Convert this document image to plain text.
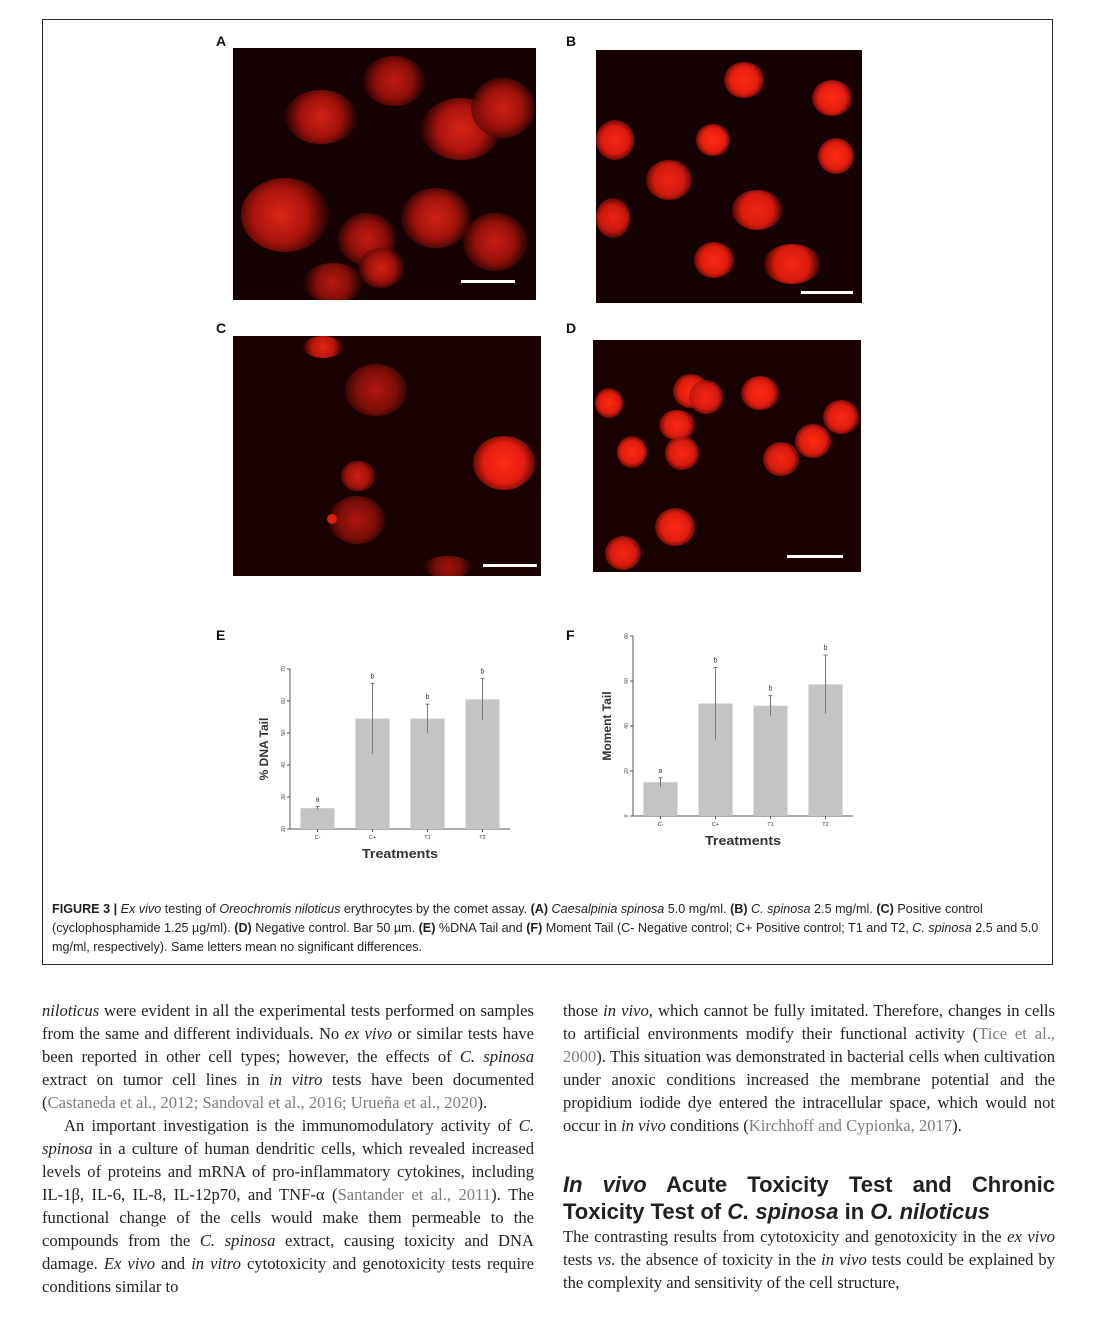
A	B
C	D
E	F
20
30
40
50
60
70
a
C-
b
C+
b
T1
b
T2
Treatments
% DNA Tail
0
20
40
60
80
a
C-
b
C+
b
T1
b
T2
Treatments
Moment Tail
FIGURE 3 | Ex vivo testing of Oreochromis niloticus erythrocytes by the comet assay. (A) Caesalpinia spinosa 5.0 mg/ml. (B) C. spinosa 2.5 mg/ml. (C) Positive control (cyclophosphamide 1.25 µg/ml). (D) Negative control. Bar 50 µm. (E) %DNA Tail and (F) Moment Tail (C- Negative control; C+ Positive control; T1 and T2, C. spinosa 2.5 and 5.0 mg/ml, respectively). Same letters mean no significant differences.

niloticus were evident in all the experimental tests performed on samples from the same and different individuals. No ex vivo or similar tests have been reported in other cell types; however, the effects of C. spinosa extract on tumor cell lines in in vitro tests have been documented (Castaneda et al., 2012; Sandoval et al., 2016; Urueña et al., 2020).

An important investigation is the immunomodulatory activity of C. spinosa in a culture of human dendritic cells, which revealed increased levels of proteins and mRNA of pro-inflammatory cytokines, including IL-1β, IL-6, IL-8, IL-12p70, and TNF-α (Santander et al., 2011). The functional change of the cells would make them permeable to the compounds from the C. spinosa extract, causing toxicity and DNA damage. Ex vivo and in vitro cytotoxicity and genotoxicity tests require conditions similar to

those in vivo, which cannot be fully imitated. Therefore, changes in cells to artificial environments modify their functional activity (Tice et al., 2000). This situation was demonstrated in bacterial cells when cultivation under anoxic conditions increased the membrane potential and the propidium iodide dye entered the intracellular space, which would not occur in in vivo conditions (Kirchhoff and Cypionka, 2017).

In vivo Acute Toxicity Test and Chronic Toxicity Test of C. spinosa in O. niloticus

The contrasting results from cytotoxicity and genotoxicity in the ex vivo tests vs. the absence of toxicity in the in vivo tests could be explained by the complexity and sensitivity of the cell structure,
